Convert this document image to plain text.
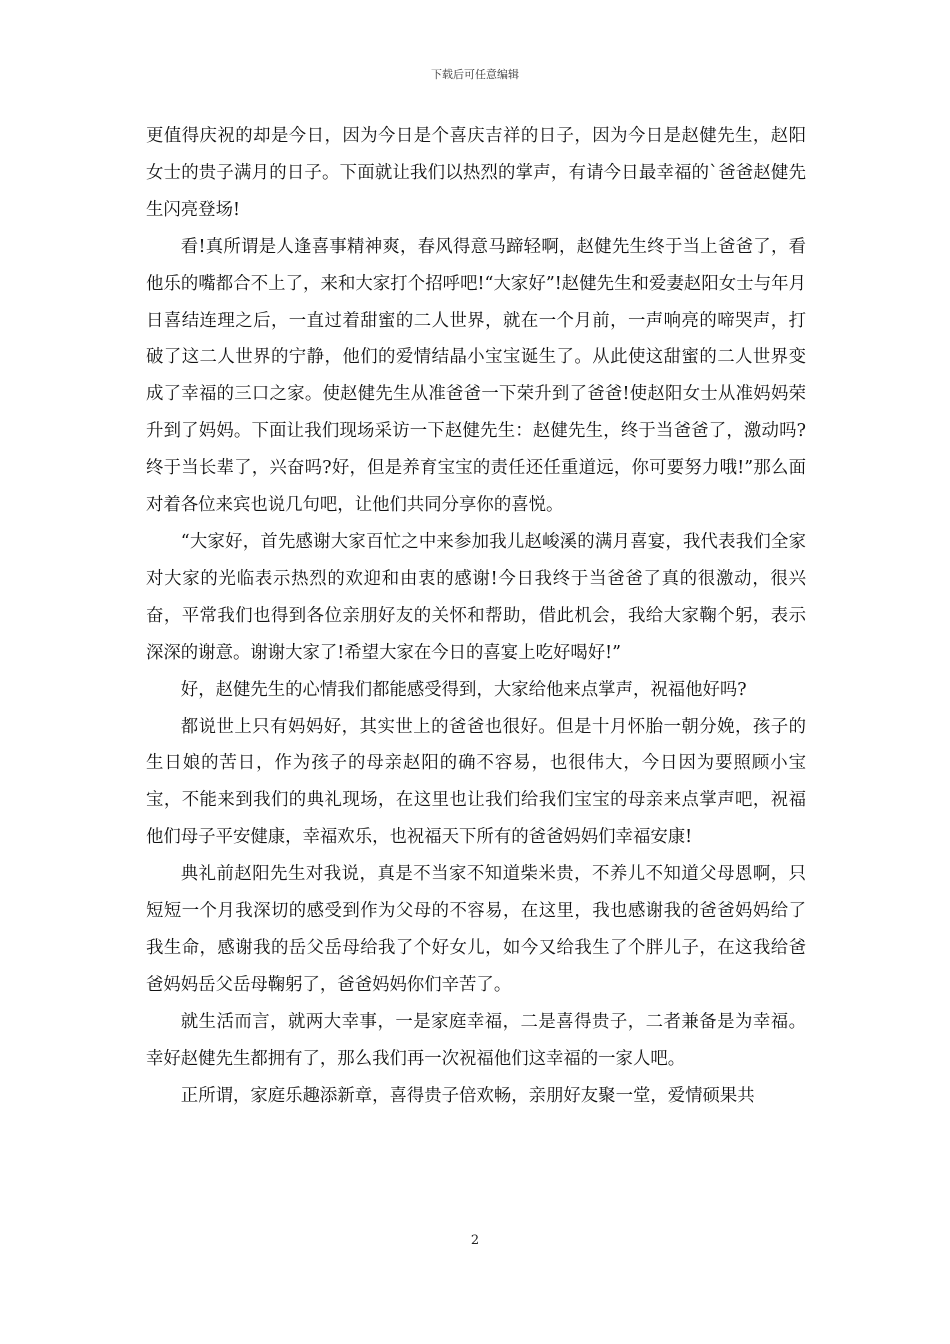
下载后可任意编辑

更值得庆祝的却是今日，因为今日是个喜庆吉祥的日子，因为今日是赵健先生，赵阳女士的贵子满月的日子。下面就让我们以热烈的掌声，有请今日最幸福的`爸爸赵健先生闪亮登场!

看!真所谓是人逢喜事精神爽，春风得意马蹄轻啊，赵健先生终于当上爸爸了，看他乐的嘴都合不上了，来和大家打个招呼吧!“大家好”!赵健先生和爱妻赵阳女士与年月日喜结连理之后，一直过着甜蜜的二人世界，就在一个月前，一声响亮的啼哭声，打破了这二人世界的宁静，他们的爱情结晶小宝宝诞生了。从此使这甜蜜的二人世界变成了幸福的三口之家。使赵健先生从准爸爸一下荣升到了爸爸!使赵阳女士从准妈妈荣升到了妈妈。下面让我们现场采访一下赵健先生：赵健先生，终于当爸爸了，激动吗?终于当长辈了，兴奋吗?好，但是养育宝宝的责任还任重道远，你可要努力哦!”那么面对着各位来宾也说几句吧，让他们共同分享你的喜悦。

“大家好，首先感谢大家百忙之中来参加我儿赵峻溪的满月喜宴，我代表我们全家对大家的光临表示热烈的欢迎和由衷的感谢!今日我终于当爸爸了真的很激动，很兴奋，平常我们也得到各位亲朋好友的关怀和帮助，借此机会，我给大家鞠个躬，表示深深的谢意。谢谢大家了!希望大家在今日的喜宴上吃好喝好!”

好，赵健先生的心情我们都能感受得到，大家给他来点掌声，祝福他好吗?

都说世上只有妈妈好，其实世上的爸爸也很好。但是十月怀胎一朝分娩，孩子的生日娘的苦日，作为孩子的母亲赵阳的确不容易，也很伟大，今日因为要照顾小宝宝，不能来到我们的典礼现场，在这里也让我们给我们宝宝的母亲来点掌声吧，祝福他们母子平安健康，幸福欢乐，也祝福天下所有的爸爸妈妈们幸福安康!

典礼前赵阳先生对我说，真是不当家不知道柴米贵，不养儿不知道父母恩啊，只短短一个月我深切的感受到作为父母的不容易，在这里，我也感谢我的爸爸妈妈给了我生命，感谢我的岳父岳母给我了个好女儿，如今又给我生了个胖儿子，在这我给爸爸妈妈岳父岳母鞠躬了，爸爸妈妈你们辛苦了。

就生活而言，就两大幸事，一是家庭幸福，二是喜得贵子，二者兼备是为幸福。幸好赵健先生都拥有了，那么我们再一次祝福他们这幸福的一家人吧。

正所谓，家庭乐趣添新章，喜得贵子倍欢畅，亲朋好友聚一堂，爱情硕果共

2
